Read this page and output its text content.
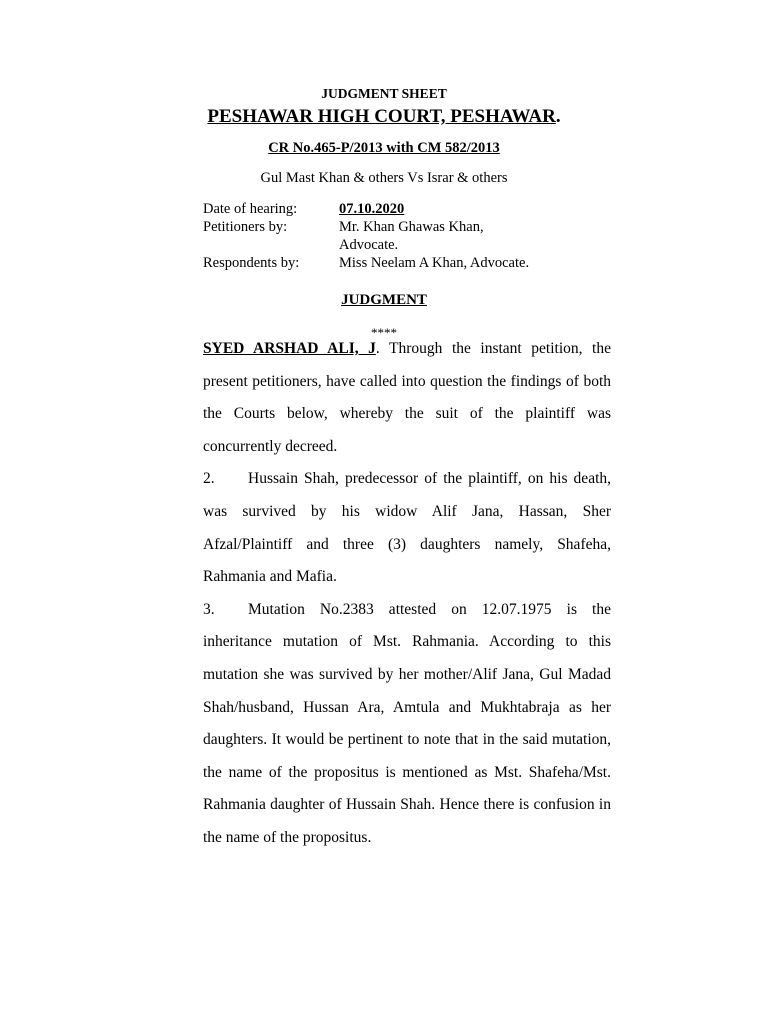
JUDGMENT SHEET
PESHAWAR HIGH COURT, PESHAWAR.
CR No.465-P/2013 with CM 582/2013
Gul Mast Khan & others Vs Israr & others
Date of hearing:	07.10.2020
Petitioners by:	Mr. Khan Ghawas Khan,
Advocate.
Respondents by:	Miss Neelam A Khan, Advocate.
JUDGMENT
****

SYED ARSHAD ALI, J. Through the instant petition, the present petitioners, have called into question the findings of both the Courts below, whereby the suit of the plaintiff was concurrently decreed.

2. Hussain Shah, predecessor of the plaintiff, on his death, was survived by his widow Alif Jana, Hassan, Sher Afzal/Plaintiff and three (3) daughters namely, Shafeha, Rahmania and Mafia.

3. Mutation No.2383 attested on 12.07.1975 is the inheritance mutation of Mst. Rahmania. According to this mutation she was survived by her mother/Alif Jana, Gul Madad Shah/husband, Hussan Ara, Amtula and Mukhtabraja as her daughters. It would be pertinent to note that in the said mutation, the name of the propositus is mentioned as Mst. Shafeha/Mst. Rahmania daughter of Hussain Shah. Hence there is confusion in the name of the propositus.
